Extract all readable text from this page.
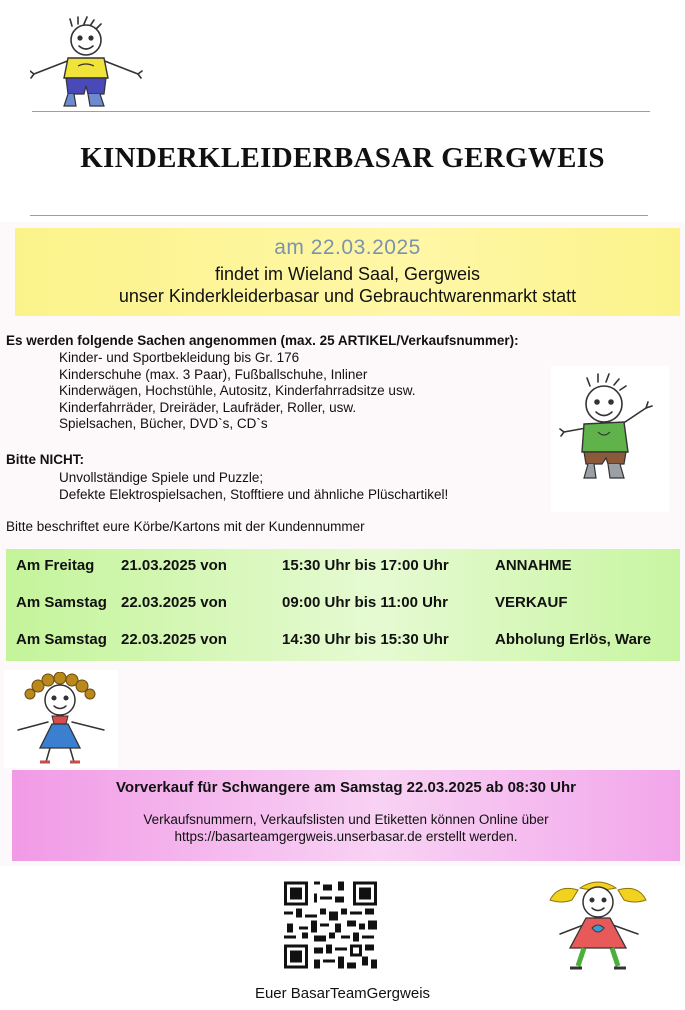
KINDERKLEIDERBASAR GERGWEIS
am 22.03.2025
findet im Wieland Saal, Gergweis
unser Kinderkleiderbasar und Gebrauchtwarenmarkt statt
Es werden folgende Sachen angenommen (max. 25 ARTIKEL/Verkaufsnummer):
Kinder- und Sportbekleidung bis Gr. 176
Kinderschuhe (max. 3 Paar), Fußballschuhe, Inliner
Kinderwägen, Hochstühle, Autositz, Kinderfahrradsitze usw.
Kinderfahrräder, Dreiräder, Laufräder, Roller, usw.
Spielsachen, Bücher, DVD`s, CD`s
Bitte NICHT:
Unvollständige Spiele und Puzzle;
Defekte Elektrospielsachen, Stofftiere und ähnliche Plüschartikel!
Bitte beschriftet eure Körbe/Kartons mit der Kundennummer
Am Freitag 21.03.2025 von	15:30 Uhr bis 17:00 Uhr	ANNAHME
Am Samstag 22.03.2025 von	09:00 Uhr bis 11:00 Uhr	VERKAUF
Am Samstag 22.03.2025 von	14:30 Uhr bis 15:30 Uhr	Abholung Erlös, Ware
Vorverkauf für Schwangere am Samstag 22.03.2025 ab 08:30 Uhr
Verkaufsnummern, Verkaufslisten und Etiketten können Online über
https://basarteamgergweis.unserbasar.de erstellt werden.
Euer BasarTeamGergweis
